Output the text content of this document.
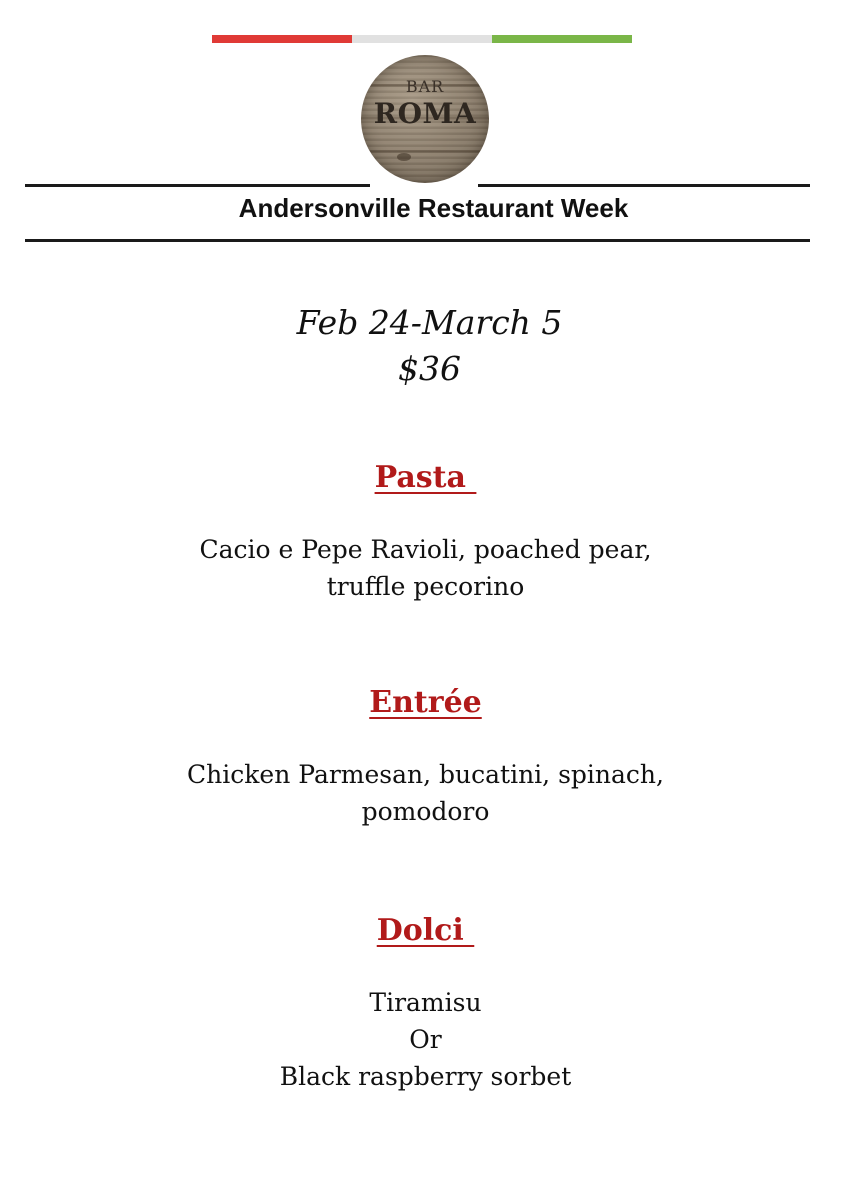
BAR
ROMA
Andersonville Restaurant Week
Feb 24-March 5
$36
Pasta
Cacio e Pepe Ravioli, poached pear,
truffle pecorino
Entrée
Chicken Parmesan, bucatini, spinach,
pomodoro
Dolci
Tiramisu
Or
Black raspberry sorbet
